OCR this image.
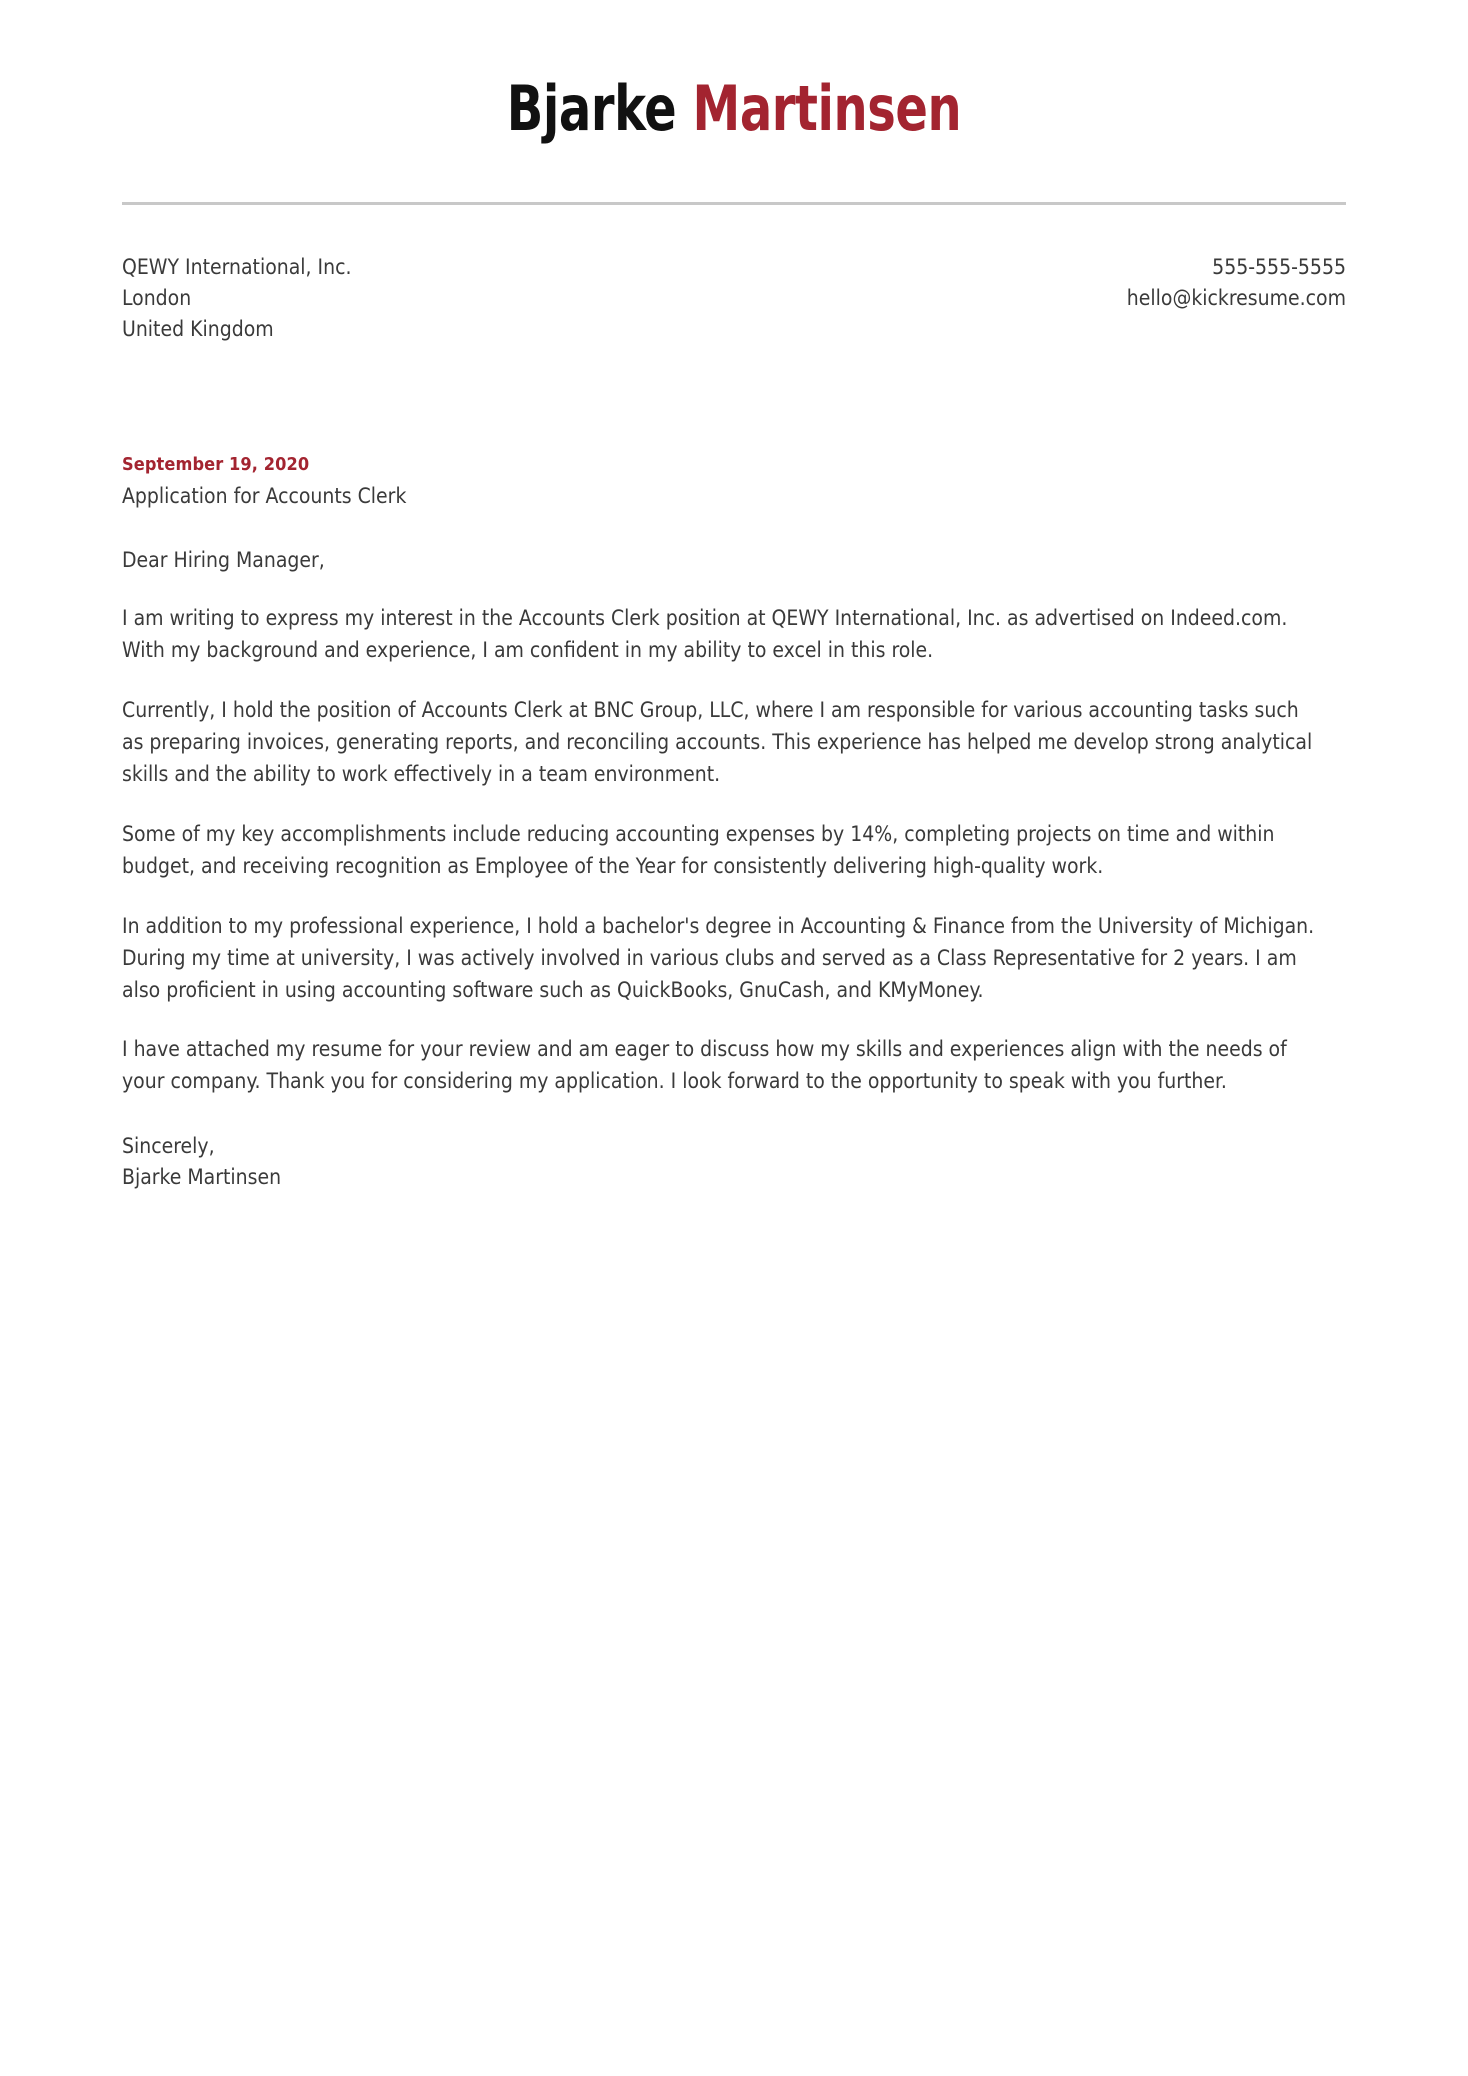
Bjarke Martinsen
QEWY International, Inc.
London
United Kingdom
555-555-5555
hello@kickresume.com
September 19, 2020
Application for Accounts Clerk
Dear Hiring Manager,

I am writing to express my interest in the Accounts Clerk position at QEWY International, Inc. as advertised on Indeed.com. With my background and experience, I am confident in my ability to excel in this role.

Currently, I hold the position of Accounts Clerk at BNC Group, LLC, where I am responsible for various accounting tasks such as preparing invoices, generating reports, and reconciling accounts. This experience has helped me develop strong analytical skills and the ability to work effectively in a team environment.

Some of my key accomplishments include reducing accounting expenses by 14%, completing projects on time and within budget, and receiving recognition as Employee of the Year for consistently delivering high-quality work.

In addition to my professional experience, I hold a bachelor's degree in Accounting & Finance from the University of Michigan. During my time at university, I was actively involved in various clubs and served as a Class Representative for 2 years. I am also proficient in using accounting software such as QuickBooks, GnuCash, and KMyMoney.

I have attached my resume for your review and am eager to discuss how my skills and experiences align with the needs of your company. Thank you for considering my application. I look forward to the opportunity to speak with you further.

Sincerely,
Bjarke Martinsen
